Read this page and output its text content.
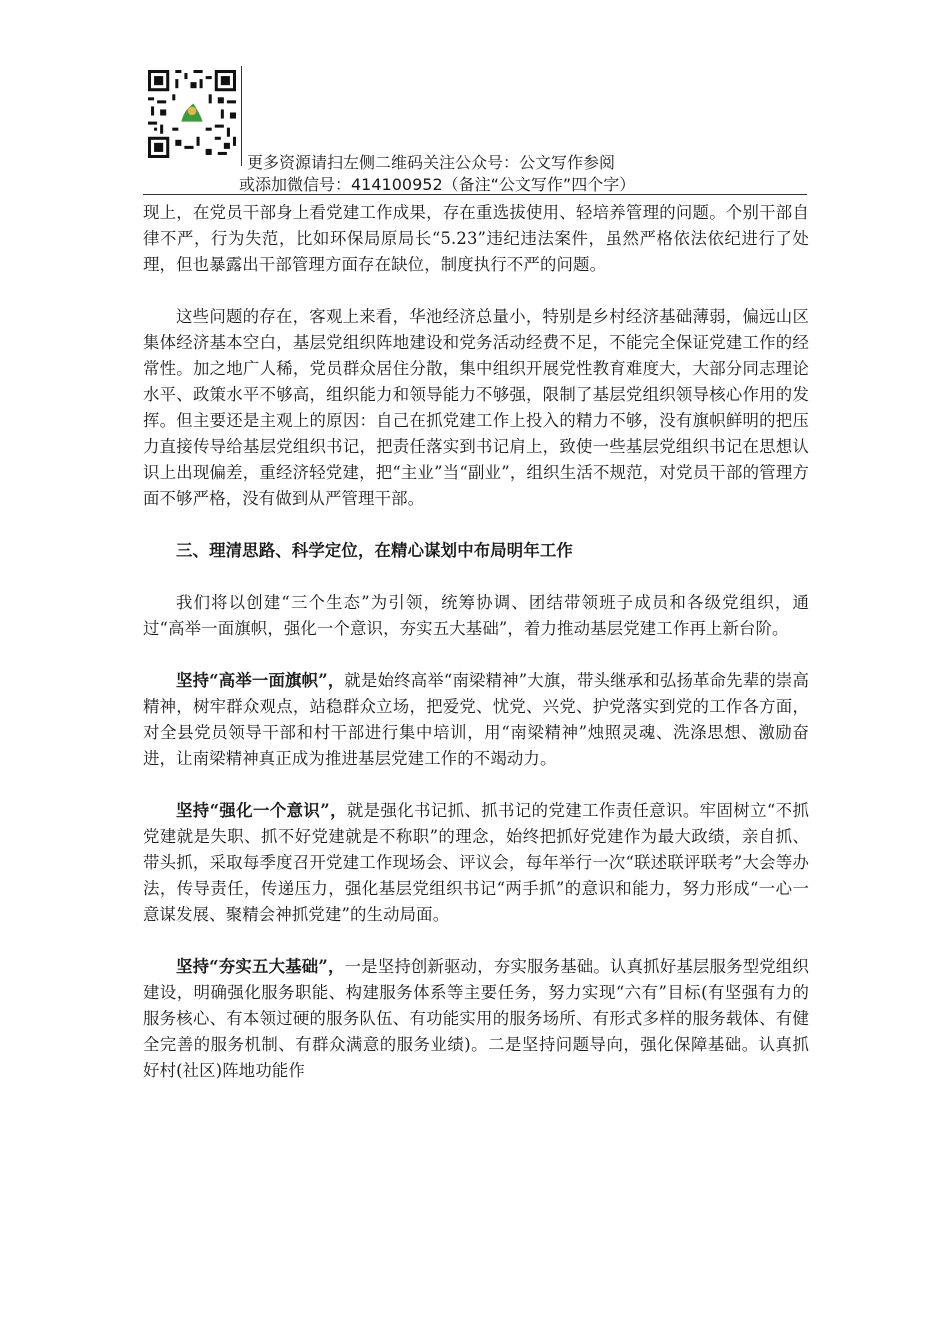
更多资源请扫左侧二维码关注公众号：公文写作参阅
或添加微信号：414100952（备注“公文写作”四个字）

现上，在党员干部身上看党建工作成果，存在重选拔使用、轻培养管理的问题。个别干部自律不严，行为失范，比如环保局原局长“5.23”违纪违法案件，虽然严格依法依纪进行了处理，但也暴露出干部管理方面存在缺位，制度执行不严的问题。

这些问题的存在，客观上来看，华池经济总量小，特别是乡村经济基础薄弱，偏远山区集体经济基本空白，基层党组织阵地建设和党务活动经费不足，不能完全保证党建工作的经常性。加之地广人稀，党员群众居住分散，集中组织开展党性教育难度大，大部分同志理论水平、政策水平不够高，组织能力和领导能力不够强，限制了基层党组织领导核心作用的发挥。但主要还是主观上的原因：自己在抓党建工作上投入的精力不够，没有旗帜鲜明的把压力直接传导给基层党组织书记，把责任落实到书记肩上，致使一些基层党组织书记在思想认识上出现偏差，重经济轻党建，把“主业”当“副业”，组织生活不规范，对党员干部的管理方面不够严格，没有做到从严管理干部。

三、理清思路、科学定位，在精心谋划中布局明年工作

我们将以创建“三个生态”为引领，统筹协调、团结带领班子成员和各级党组织，通过“高举一面旗帜，强化一个意识，夯实五大基础”，着力推动基层党建工作再上新台阶。

坚持“高举一面旗帜”，就是始终高举“南梁精神”大旗，带头继承和弘扬革命先辈的崇高精神，树牢群众观点，站稳群众立场，把爱党、忧党、兴党、护党落实到党的工作各方面，对全县党员领导干部和村干部进行集中培训，用“南梁精神”烛照灵魂、洗涤思想、激励奋进，让南梁精神真正成为推进基层党建工作的不竭动力。

坚持“强化一个意识”，就是强化书记抓、抓书记的党建工作责任意识。牢固树立“不抓党建就是失职、抓不好党建就是不称职”的理念，始终把抓好党建作为最大政绩，亲自抓、带头抓，采取每季度召开党建工作现场会、评议会，每年举行一次“联述联评联考”大会等办法，传导责任，传递压力，强化基层党组织书记“两手抓”的意识和能力，努力形成“一心一意谋发展、聚精会神抓党建”的生动局面。

坚持“夯实五大基础”，一是坚持创新驱动，夯实服务基础。认真抓好基层服务型党组织建设，明确强化服务职能、构建服务体系等主要任务，努力实现“六有”目标(有坚强有力的服务核心、有本领过硬的服务队伍、有功能实用的服务场所、有形式多样的服务载体、有健全完善的服务机制、有群众满意的服务业绩)。二是坚持问题导向，强化保障基础。认真抓好村(社区)阵地功能作
